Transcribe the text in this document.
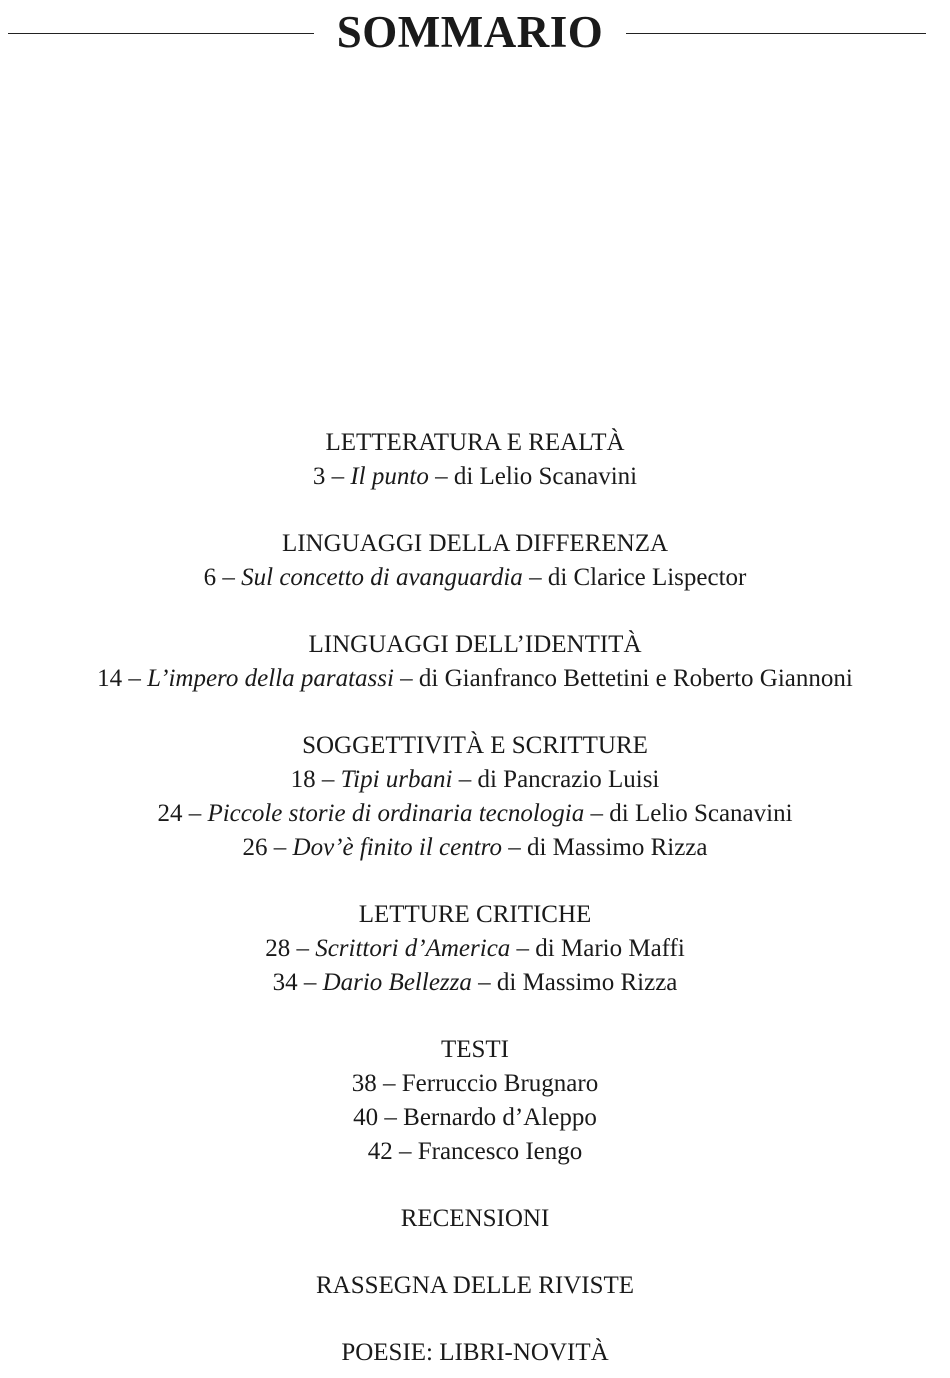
SOMMARIO
LETTERATURA E REALTÀ
3 – Il punto – di Lelio Scanavini
LINGUAGGI DELLA DIFFERENZA
6 – Sul concetto di avanguardia – di Clarice Lispector
LINGUAGGI DELL’IDENTITÀ
14 – L’impero della paratassi – di Gianfranco Bettetini e Roberto Giannoni
SOGGETTIVITÀ E SCRITTURE
18 – Tipi urbani – di Pancrazio Luisi
24 – Piccole storie di ordinaria tecnologia – di Lelio Scanavini
26 – Dov’è finito il centro – di Massimo Rizza
LETTURE CRITICHE
28 – Scrittori d’America – di Mario Maffi
34 – Dario Bellezza – di Massimo Rizza
TESTI
38 – Ferruccio Brugnaro
40 – Bernardo d’Aleppo
42 – Francesco Iengo
RECENSIONI
RASSEGNA DELLE RIVISTE
POESIE: LIBRI-NOVITÀ
